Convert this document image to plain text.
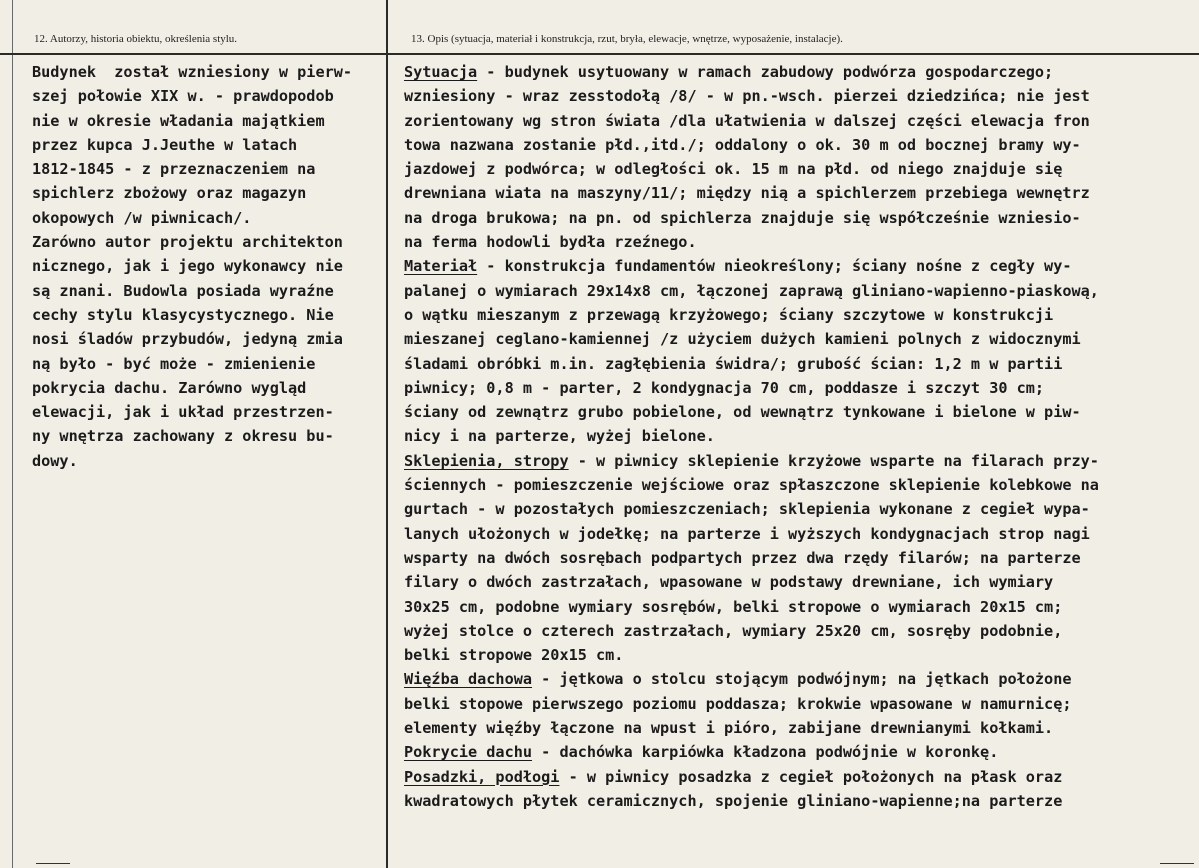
12. Autorzy, historia obiektu, określenia stylu.	13. Opis (sytuacja, materiał i konstrukcja, rzut, bryła, elewacje, wnętrze, wyposażenie, instalacje).
Budynek  został wzniesiony w pierw-
szej połowie XIX w. - prawdopodob
nie w okresie władania majątkiem
przez kupca J.Jeuthe w latach
1812-1845 - z przeznaczeniem na
spichlerz zbożowy oraz magazyn
okopowych /w piwnicach/.
Zarówno autor projektu architekton
nicznego, jak i jego wykonawcy nie
są znani. Budowla posiada wyraźne
cechy stylu klasycystycznego. Nie
nosi śladów przybudów, jedyną zmia
ną było - być może - zmienienie
pokrycia dachu. Zarówno wygląd
elewacji, jak i układ przestrzen-
ny wnętrza zachowany z okresu bu-
dowy.
Sytuacja - budynek usytuowany w ramach zabudowy podwórza gospodarczego;
wzniesiony - wraz zesstodołą /8/ - w pn.-wsch. pierzei dziedzińca; nie jest
zorientowany wg stron świata /dla ułatwienia w dalszej części elewacja fron
towa nazwana zostanie płd.,itd./; oddalony o ok. 30 m od bocznej bramy wy-
jazdowej z podwórca; w odległości ok. 15 m na płd. od niego znajduje się
drewniana wiata na maszyny/11/; między nią a spichlerzem przebiega wewnętrz
na droga brukowa; na pn. od spichlerza znajduje się współcześnie wzniesio-
na ferma hodowli bydła rzeźnego.
Materiał - konstrukcja fundamentów nieokreślony; ściany nośne z cegły wy-
palanej o wymiarach 29x14x8 cm, łączonej zaprawą gliniano-wapienno-piaskową,
o wątku mieszanym z przewagą krzyżowego; ściany szczytowe w konstrukcji
mieszanej ceglano-kamiennej /z użyciem dużych kamieni polnych z widocznymi
śladami obróbki m.in. zagłębienia świdra/; grubość ścian: 1,2 m w partii
piwnicy; 0,8 m - parter, 2 kondygnacja 70 cm, poddasze i szczyt 30 cm;
ściany od zewnątrz grubo pobielone, od wewnątrz tynkowane i bielone w piw-
nicy i na parterze, wyżej bielone.
Sklepienia, stropy - w piwnicy sklepienie krzyżowe wsparte na filarach przy-
ściennych - pomieszczenie wejściowe oraz spłaszczone sklepienie kolebkowe na
gurtach - w pozostałych pomieszczeniach; sklepienia wykonane z cegieł wypa-
lanych ułożonych w jodełkę; na parterze i wyższych kondygnacjach strop nagi
wsparty na dwóch sosrębach podpartych przez dwa rzędy filarów; na parterze
filary o dwóch zastrzałach, wpasowane w podstawy drewniane, ich wymiary
30x25 cm, podobne wymiary sosrębów, belki stropowe o wymiarach 20x15 cm;
wyżej stolce o czterech zastrzałach, wymiary 25x20 cm, sosręby podobnie,
belki stropowe 20x15 cm.
Więźba dachowa - jętkowa o stolcu stojącym podwójnym; na jętkach położone
belki stopowe pierwszego poziomu poddasza; krokwie wpasowane w namurnicę;
elementy więźby łączone na wpust i pióro, zabijane drewnianymi kołkami.
Pokrycie dachu - dachówka karpiówka kładzona podwójnie w koronkę.
Posadzki, podłogi - w piwnicy posadzka z cegieł położonych na płask oraz
kwadratowych płytek ceramicznych, spojenie gliniano-wapienne;na parterze
